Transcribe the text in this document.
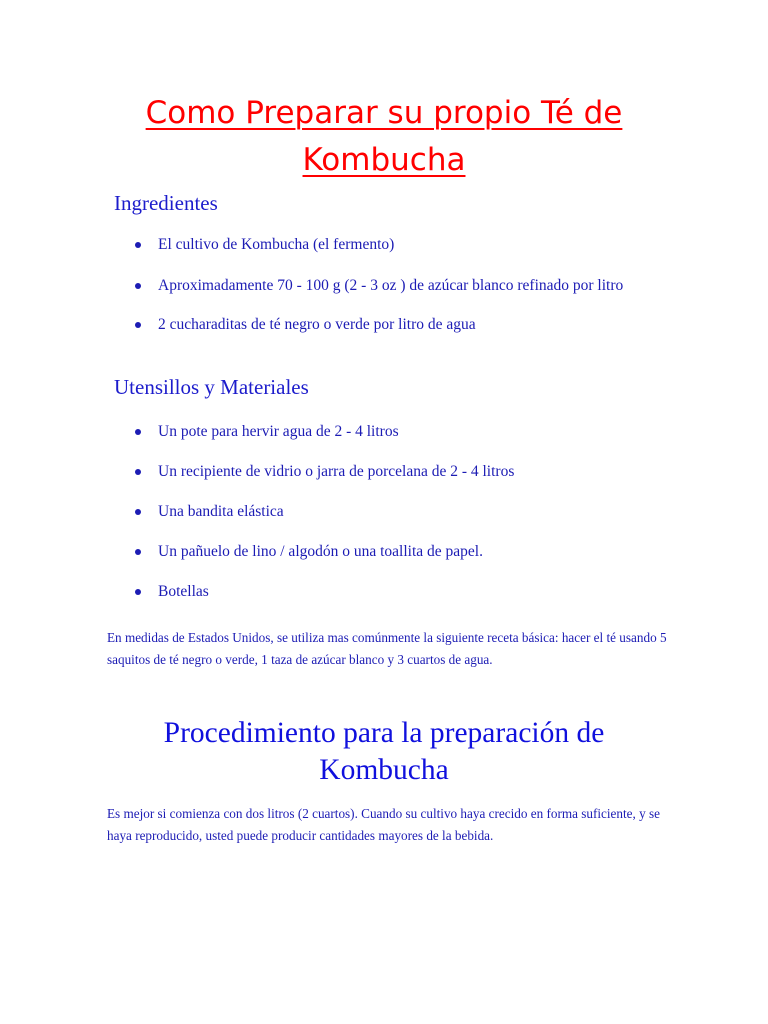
Como Preparar su propio Té de Kombucha
Ingredientes
El cultivo de Kombucha (el fermento)
Aproximadamente 70 - 100 g (2 - 3 oz ) de azúcar blanco refinado por litro
2 cucharaditas de té negro o verde por litro de agua
Utensillos y Materiales
Un pote para hervir agua de 2 - 4 litros
Un recipiente de vidrio o jarra de porcelana de 2 - 4 litros
Una bandita elástica
Un pañuelo de lino / algodón o una toallita de papel.
Botellas

En medidas de Estados Unidos, se utiliza mas comúnmente la siguiente receta básica: hacer el té usando 5 saquitos de té negro o verde, 1 taza de azúcar blanco y 3 cuartos de agua.

Procedimiento para la preparación de Kombucha

Es mejor si comienza con dos litros (2 cuartos). Cuando su cultivo haya crecido en forma suficiente, y se haya reproducido, usted puede producir cantidades mayores de la bebida.
